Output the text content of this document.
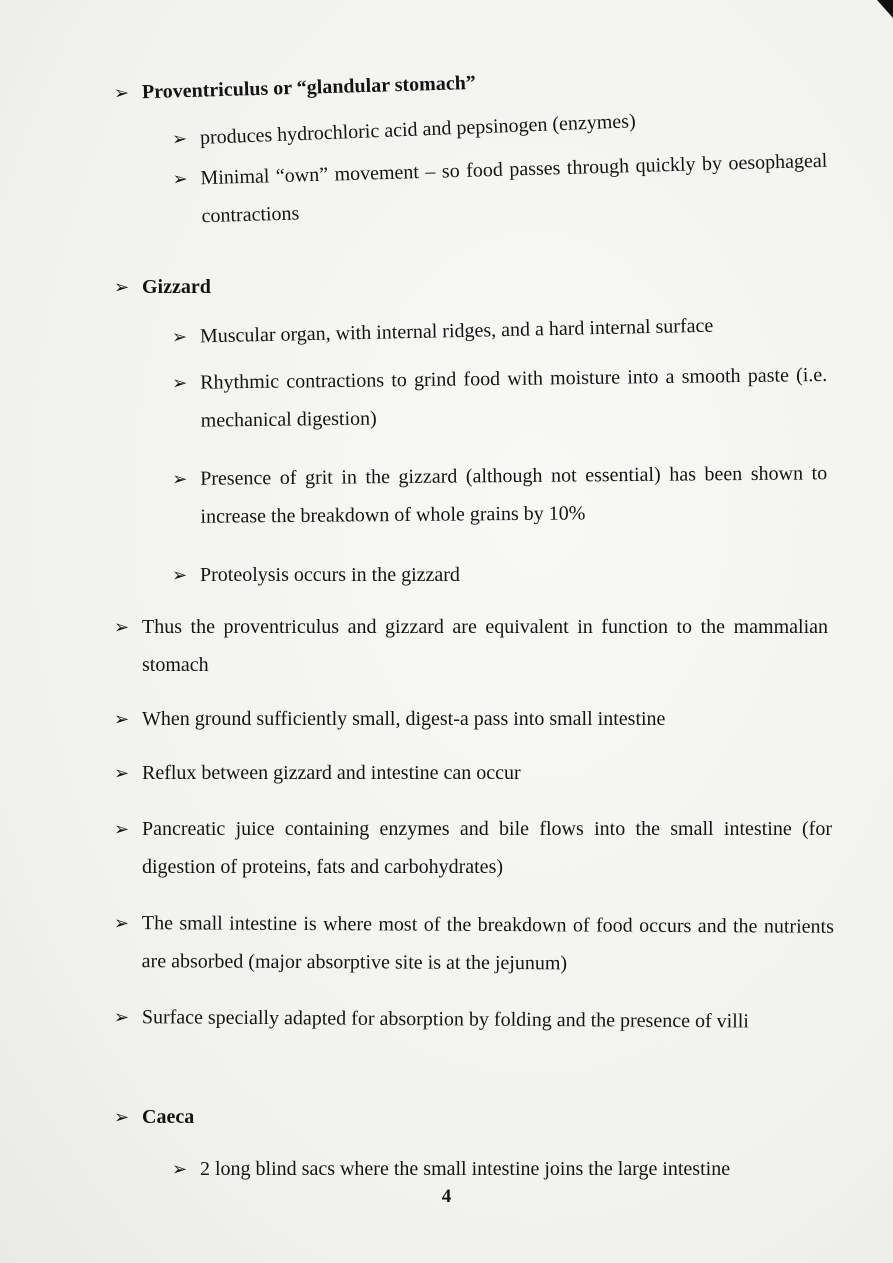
➢ Proventriculus or “glandular stomach”
➢ produces hydrochloric acid and pepsinogen (enzymes)
➢ Minimal “own” movement – so food passes through quickly by oesophageal contractions
➢ Gizzard
➢ Muscular organ, with internal ridges, and a hard internal surface
➢ Rhythmic contractions to grind food with moisture into a smooth paste (i.e. mechanical digestion)
➢ Presence of grit in the gizzard (although not essential) has been shown to increase the breakdown of whole grains by 10%
➢ Proteolysis occurs in the gizzard
➢ Thus the proventriculus and gizzard are equivalent in function to the mammalian stomach
➢ When ground sufficiently small, digest-a pass into small intestine
➢ Reflux between gizzard and intestine can occur
➢ Pancreatic juice containing enzymes and bile flows into the small intestine (for digestion of proteins, fats and carbohydrates)
➢ The small intestine is where most of the breakdown of food occurs and the nutrients are absorbed (major absorptive site is at the jejunum)
➢ Surface specially adapted for absorption by folding and the presence of villi
➢ Caeca
➢ 2 long blind sacs where the small intestine joins the large intestine
4
